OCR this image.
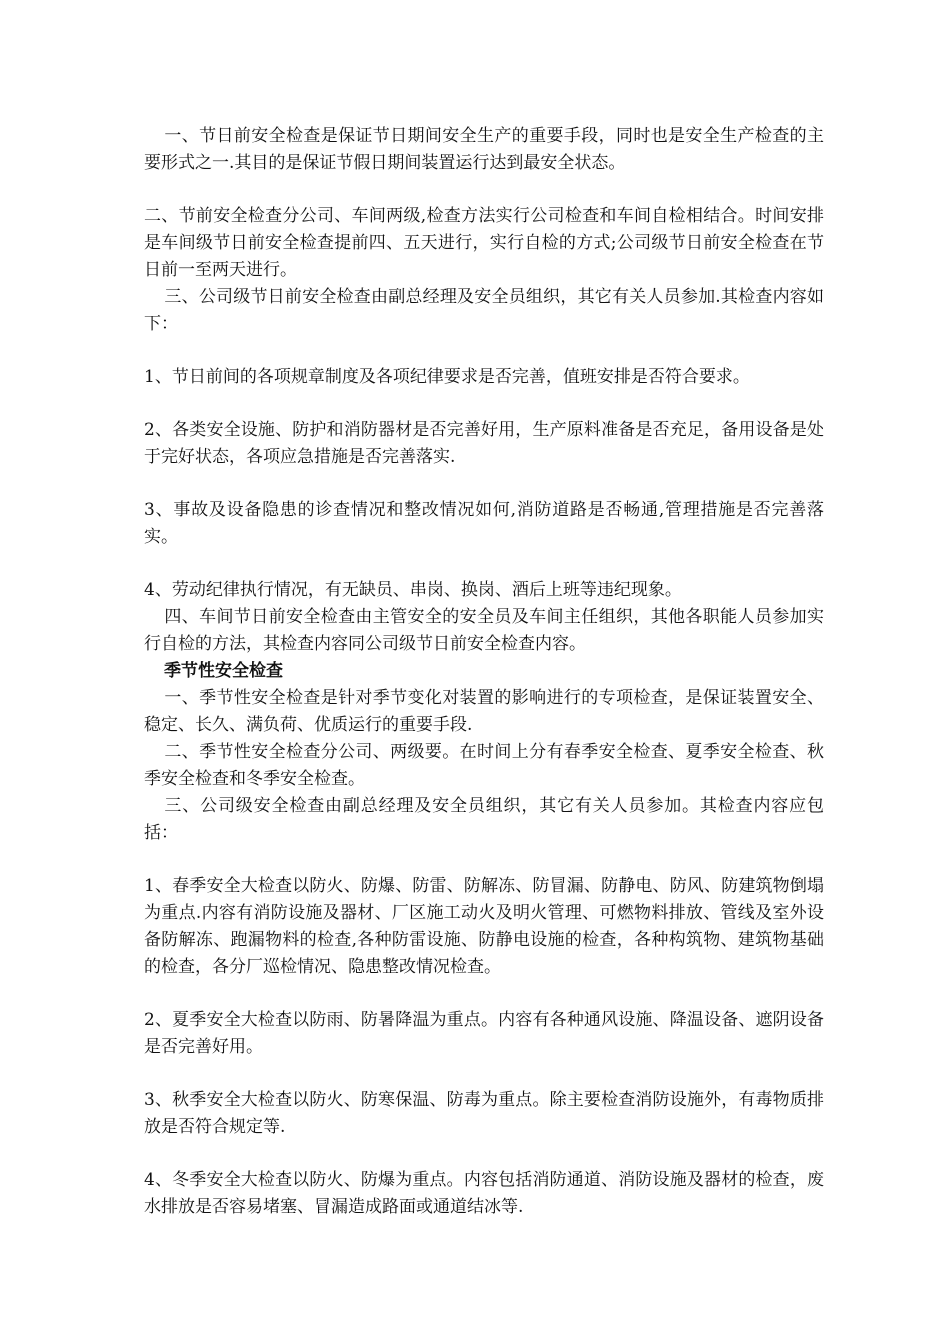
一、节日前安全检查是保证节日期间安全生产的重要手段，同时也是安全生产检查的主要形式之一.其目的是保证节假日期间装置运行达到最安全状态。

二、节前安全检查分公司、车间两级,检查方法实行公司检查和车间自检相结合。时间安排是车间级节日前安全检查提前四、五天进行，实行自检的方式;公司级节日前安全检查在节日前一至两天进行。

三、公司级节日前安全检查由副总经理及安全员组织，其它有关人员参加.其检查内容如下：

1、节日前间的各项规章制度及各项纪律要求是否完善，值班安排是否符合要求。

2、各类安全设施、防护和消防器材是否完善好用，生产原料准备是否充足，备用设备是处于完好状态，各项应急措施是否完善落实.

3、事故及设备隐患的诊查情况和整改情况如何,消防道路是否畅通,管理措施是否完善落实。

4、劳动纪律执行情况，有无缺员、串岗、换岗、酒后上班等违纪现象。

四、车间节日前安全检查由主管安全的安全员及车间主任组织，其他各职能人员参加实行自检的方法，其检查内容同公司级节日前安全检查内容。

季节性安全检查

一、季节性安全检查是针对季节变化对装置的影响进行的专项检查，是保证装置安全、稳定、长久、满负荷、优质运行的重要手段.

二、季节性安全检查分公司、两级要。在时间上分有春季安全检查、夏季安全检查、秋季安全检查和冬季安全检查。

三、公司级安全检查由副总经理及安全员组织，其它有关人员参加。其检查内容应包括：

1、春季安全大检查以防火、防爆、防雷、防解冻、防冒漏、防静电、防风、防建筑物倒塌为重点.内容有消防设施及器材、厂区施工动火及明火管理、可燃物料排放、管线及室外设备防解冻、跑漏物料的检查,各种防雷设施、防静电设施的检查，各种构筑物、建筑物基础的检查，各分厂巡检情况、隐患整改情况检查。

2、夏季安全大检查以防雨、防暑降温为重点。内容有各种通风设施、降温设备、遮阴设备是否完善好用。

3、秋季安全大检查以防火、防寒保温、防毒为重点。除主要检查消防设施外，有毒物质排放是否符合规定等.

4、冬季安全大检查以防火、防爆为重点。内容包括消防通道、消防设施及器材的检查，废水排放是否容易堵塞、冒漏造成路面或通道结冰等.
